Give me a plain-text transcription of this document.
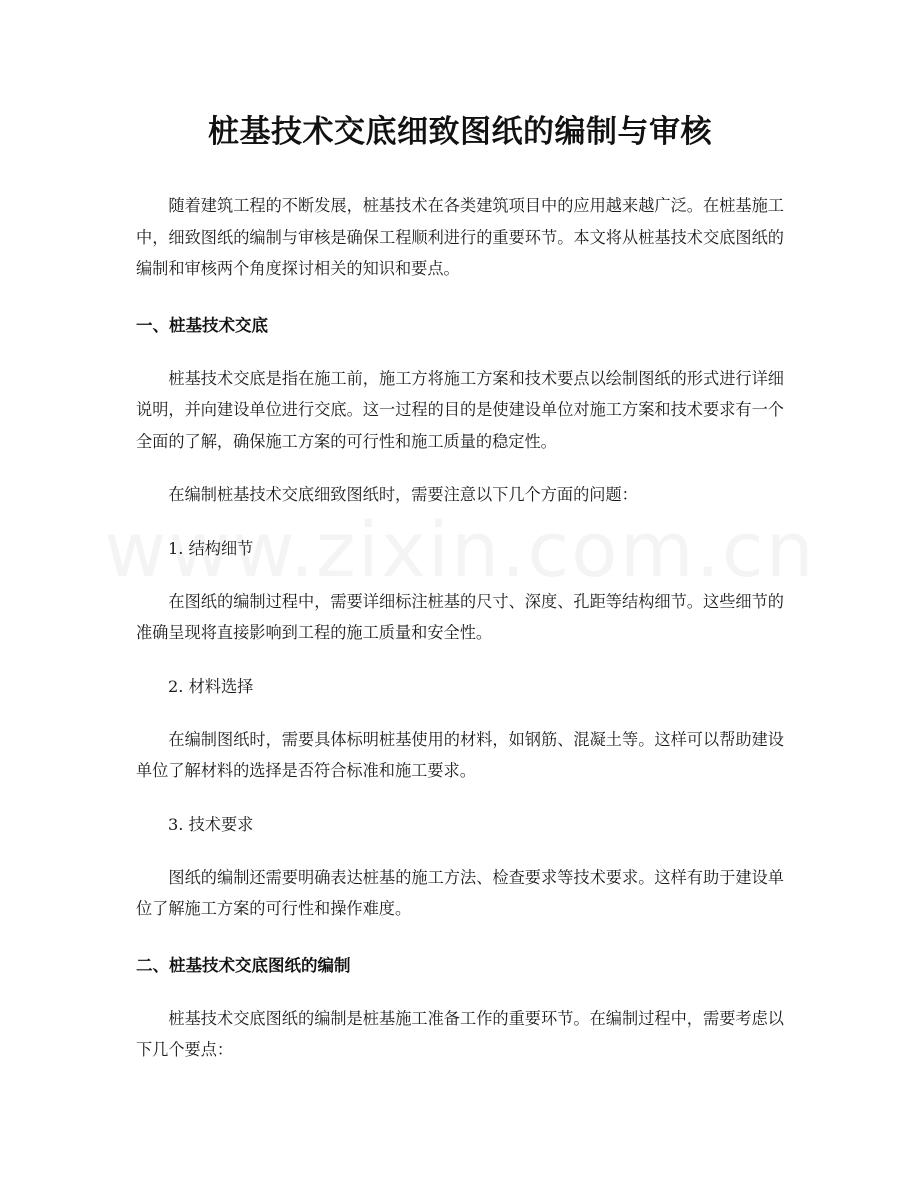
桩基技术交底细致图纸的编制与审核

随着建筑工程的不断发展，桩基技术在各类建筑项目中的应用越来越广泛。在桩基施工中，细致图纸的编制与审核是确保工程顺利进行的重要环节。本文将从桩基技术交底图纸的编制和审核两个角度探讨相关的知识和要点。

一、桩基技术交底

桩基技术交底是指在施工前，施工方将施工方案和技术要点以绘制图纸的形式进行详细说明，并向建设单位进行交底。这一过程的目的是使建设单位对施工方案和技术要求有一个全面的了解，确保施工方案的可行性和施工质量的稳定性。

在编制桩基技术交底细致图纸时，需要注意以下几个方面的问题：

1. 结构细节

在图纸的编制过程中，需要详细标注桩基的尺寸、深度、孔距等结构细节。这些细节的准确呈现将直接影响到工程的施工质量和安全性。

2. 材料选择

在编制图纸时，需要具体标明桩基使用的材料，如钢筋、混凝土等。这样可以帮助建设单位了解材料的选择是否符合标准和施工要求。

3. 技术要求

图纸的编制还需要明确表达桩基的施工方法、检查要求等技术要求。这样有助于建设单位了解施工方案的可行性和操作难度。

二、桩基技术交底图纸的编制

桩基技术交底图纸的编制是桩基施工准备工作的重要环节。在编制过程中，需要考虑以下几个要点：
